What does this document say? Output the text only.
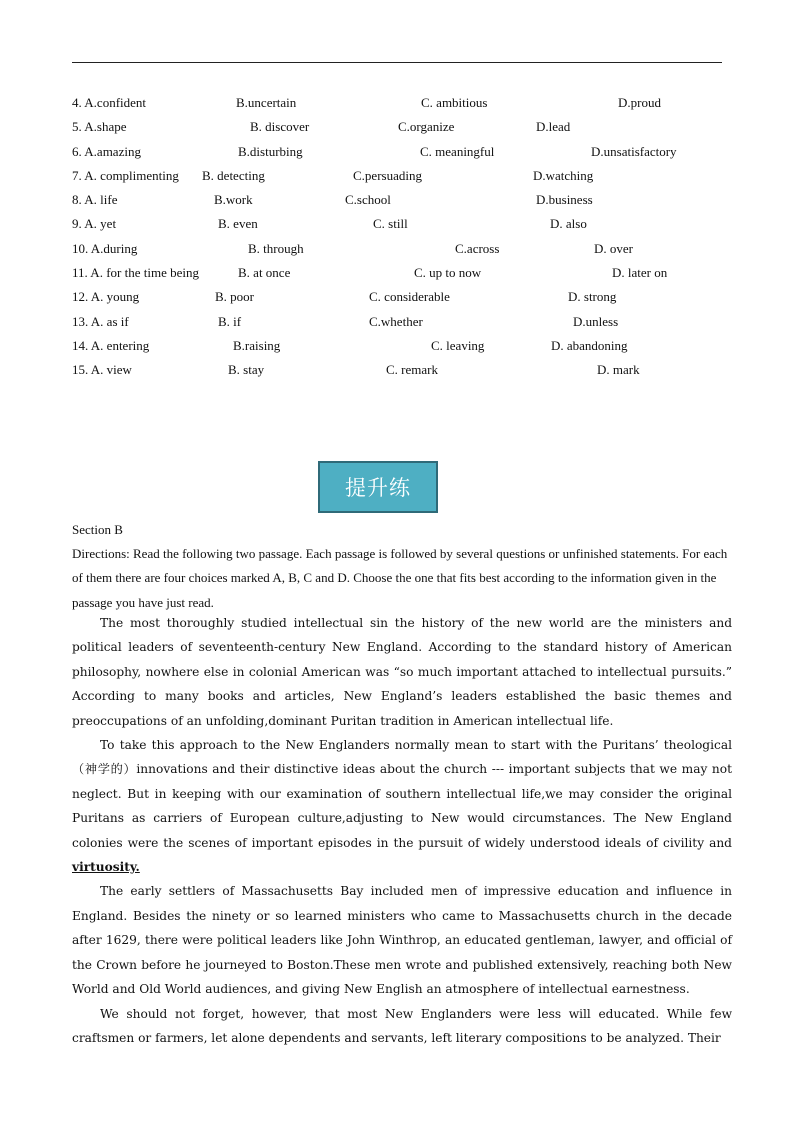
4. A.confident	B.uncertain	C. ambitious	D.proud
5. A.shape	B. discover	C.organize	D.lead
6. A.amazing	B.disturbing	C. meaningful	D.unsatisfactory
7. A. complimenting B. detecting	C.persuading	D.watching
8. A. life	B.work	C.school	D.business
9. A. yet	B. even	C. still	D. also
10. A.during	B. through	C.across	D. over
11. A. for the time being	B. at once	C. up to now	D. later on
12. A. young	B. poor	C. considerable	D. strong
13. A. as if	B. if	C.whether	D.unless
14. A. entering	B.raising	C. leaving	D. abandoning
15. A. view	B. stay	C. remark	D. mark
提升练
Section B
Directions: Read the following two passage. Each passage is followed by several questions or unfinished statements. For each of them there are four choices marked A, B, C and D. Choose the one that fits best according to the information given in the passage you have just read.

The most thoroughly studied intellectual sin the history of the new world are the ministers and political leaders of seventeenth-century New England. According to the standard history of American philosophy, nowhere else in colonial American was “so much important attached to intellectual pursuits.” According to many books and articles, New England’s leaders established the basic themes and preoccupations of an unfolding,dominant Puritan tradition in American intellectual life.

To take this approach to the New Englanders normally mean to start with the Puritans’ theological（神学的）innovations and their distinctive ideas about the church --- important subjects that we may not neglect. But in keeping with our examination of southern intellectual life,we may consider the original Puritans as carriers of European culture,adjusting to New would circumstances. The New England colonies were the scenes of important episodes in the pursuit of widely understood ideals of civility and virtuosity.

The early settlers of Massachusetts Bay included men of impressive education and influence in England. Besides the ninety or so learned ministers who came to Massachusetts church in the decade after 1629, there were political leaders like John Winthrop, an educated gentleman, lawyer, and official of the Crown before he journeyed to Boston.These men wrote and published extensively, reaching both New World and Old World audiences, and giving New English an atmosphere of intellectual earnestness.

We should not forget, however, that most New Englanders were less will educated. While few craftsmen or farmers, let alone dependents and servants, left literary compositions to be analyzed. Their
